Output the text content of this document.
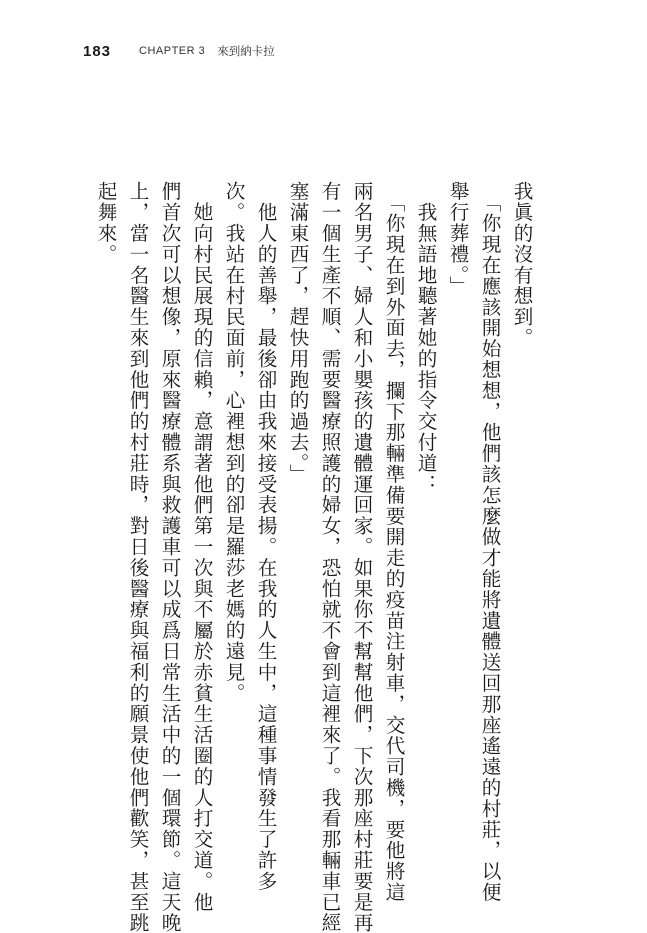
183	CHAPTER 3 來到納卡拉

我眞的沒有想到。

　「你現在應該開始想想，他們該怎麼做才能將遺體送回那座遙遠的村莊，以便

舉行葬禮。」

　我無語地聽著她的指令交付道：

　「你現在到外面去，攔下那輛準備要開走的疫苗注射車，交代司機，要他將這

兩名男子、婦人和小嬰孩的遺體運回家。如果你不幫幫他們，下次那座村莊要是再

有一個生產不順、需要醫療照護的婦女，恐怕就不會到這裡來了。我看那輛車已經

塞滿東西了，趕快用跑的過去。」

　他人的善舉，最後卻由我來接受表揚。在我的人生中，這種事情發生了許多

次。我站在村民面前，心裡想到的卻是羅莎老媽的遠見。

　她向村民展現的信賴，意謂著他們第一次與不屬於赤貧生活圈的人打交道。他

們首次可以想像，原來醫療體系與救護車可以成爲日常生活中的一個環節。這天晚

上，當一名醫生來到他們的村莊時，對日後醫療與福利的願景使他們歡笑，甚至跳

起舞來。
